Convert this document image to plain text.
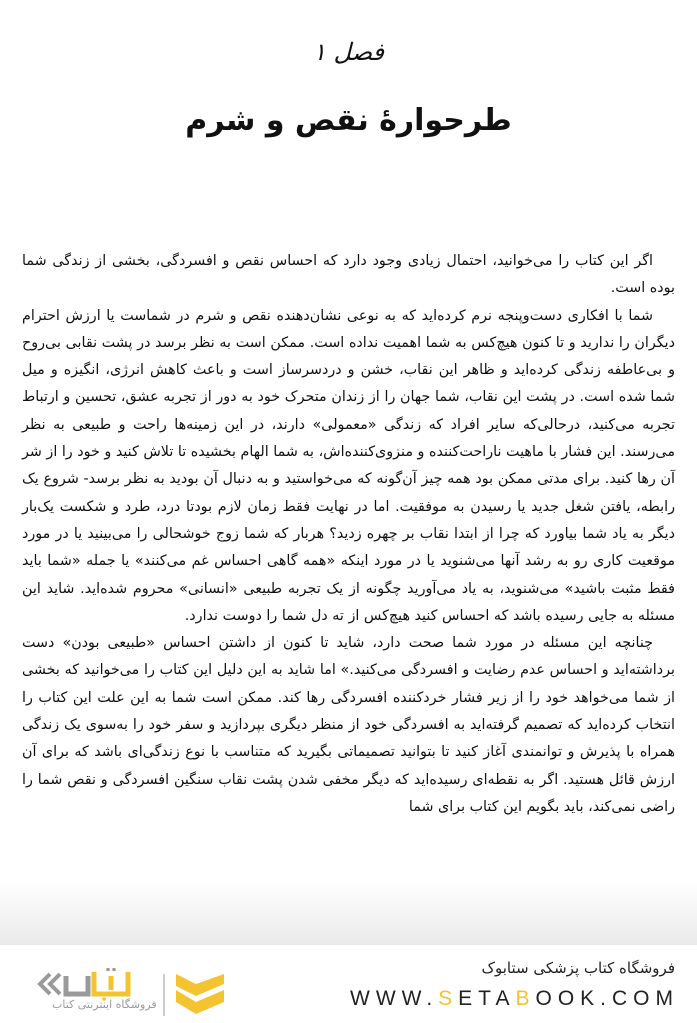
فصل ۱
طرحوارهٔ نقص و شرم

اگر این کتاب را می‌خوانید، احتمال زیادی وجود دارد که احساس نقص و افسردگی، بخشی از زندگی شما بوده است.

شما با افکاری دست‌وپنجه نرم کرده‌اید که به نوعی نشان‌دهنده نقص و شرم در شماست یا ارزش احترام دیگران را ندارید و تا کنون هیچ‌کس به شما اهمیت نداده است. ممکن است به نظر برسد در پشت نقابی بی‌روح و بی‌عاطفه زندگی کرده‌اید و ظاهر این نقاب، خشن و دردسرساز است و باعث کاهش انرژی، انگیزه و میل شما شده است. در پشت این نقاب، شما جهان را از زندان متحرک خود به دور از تجربه عشق، تحسین و ارتباط تجربه می‌کنید، درحالی‌که سایر افراد که زندگی «معمولی» دارند، در این زمینه‌ها راحت و طبیعی به نظر می‌رسند. این فشار با ماهیت ناراحت‌کننده و منزوی‌کننده‌اش، به شما الهام بخشیده تا تلاش کنید و خود را از شر آن رها کنید. برای مدتی ممکن بود همه چیز آن‌گونه که می‌خواستید و به دنبال آن بودید به نظر برسد- شروع یک رابطه، یافتن شغل جدید یا رسیدن به موفقیت. اما در نهایت فقط زمان لازم بودتا درد، طرد و شکست یک‌بار دیگر به یاد شما بیاورد که چرا از ابتدا نقاب بر چهره زدید؟ هربار که شما زوج خوشحالی را می‌بینید یا در مورد موقعیت کاری رو به رشد آنها می‌شنوید یا در مورد اینکه «همه گاهی احساس غم می‌کنند» یا جمله «شما باید فقط مثبت باشید» می‌شنوید، به یاد می‌آورید چگونه از یک تجربه طبیعی «انسانی» محروم شده‌اید. شاید این مسئله به جایی رسیده باشد که احساس کنید هیچ‌کس از ته دل شما را دوست ندارد.

چنانچه این مسئله در مورد شما صحت دارد، شاید تا کنون از داشتن احساس «طبیعی بودن» دست برداشته‌اید و احساس عدم رضایت و افسردگی می‌کنید.» اما شاید به این دلیل این کتاب را می‌خوانید که بخشی از شما می‌خواهد خود را از زیر فشار خردکننده افسردگی رها کند. ممکن است شما به این علت این کتاب را انتخاب کرده‌اید که تصمیم گرفته‌اید به افسردگی خود از منظر دیگری بپردازید و سفر خود را به‌سوی یک زندگی همراه با پذیرش و توانمندی آغاز کنید تا بتوانید تصمیماتی بگیرید که متناسب با نوع زندگی‌ای باشد که برای آن ارزش قائل هستید. اگر به نقطه‌ای رسیده‌اید که دیگر مخفی شدن پشت نقاب سنگین افسردگی و نقص شما را راضی نمی‌کند، باید بگویم این کتاب برای شما

فروشگاه کتاب پزشکی ستابوک
WWW.SETABOOK.COM
فروشگاه اینترنتی کتاب
